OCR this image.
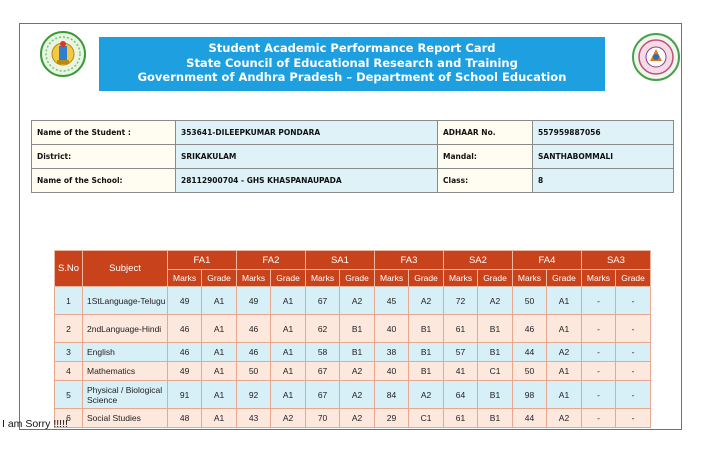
Student Academic Performance Report Card
State Council of Educational Research and Training
Government of Andhra Pradesh – Department of School Education
Name of the Student :	353641-DILEEPKUMAR PONDARA	ADHAAR No.	557959887056
District:	SRIKAKULAM	Mandal:	SANTHABOMMALI
Name of the School:	28112900704 - GHS KHASPANAUPADA	Class:	8
S.No	Subject	FA1		FA2		SA1		FA3		SA2		FA4		SA3	
		Marks	Grade	Marks	Grade	Marks	Grade	Marks	Grade	Marks	Grade	Marks	Grade	Marks	Grade
1	1StLanguage-Telugu	49	A1	49	A1	67	A2	45	A2	72	A2	50	A1	-	-
2	2ndLanguage-Hindi	46	A1	46	A1	62	B1	40	B1	61	B1	46	A1	-	-
3	English	46	A1	46	A1	58	B1	38	B1	57	B1	44	A2	-	-
4	Mathematics	49	A1	50	A1	67	A2	40	B1	41	C1	50	A1	-	-
5	Physical / Biological Science	91	A1	92	A1	67	A2	84	A2	64	B1	98	A1	-	-
6	Social Studies	48	A1	43	A2	70	A2	29	C1	61	B1	44	A2	-	-
I am Sorry !!!!!
